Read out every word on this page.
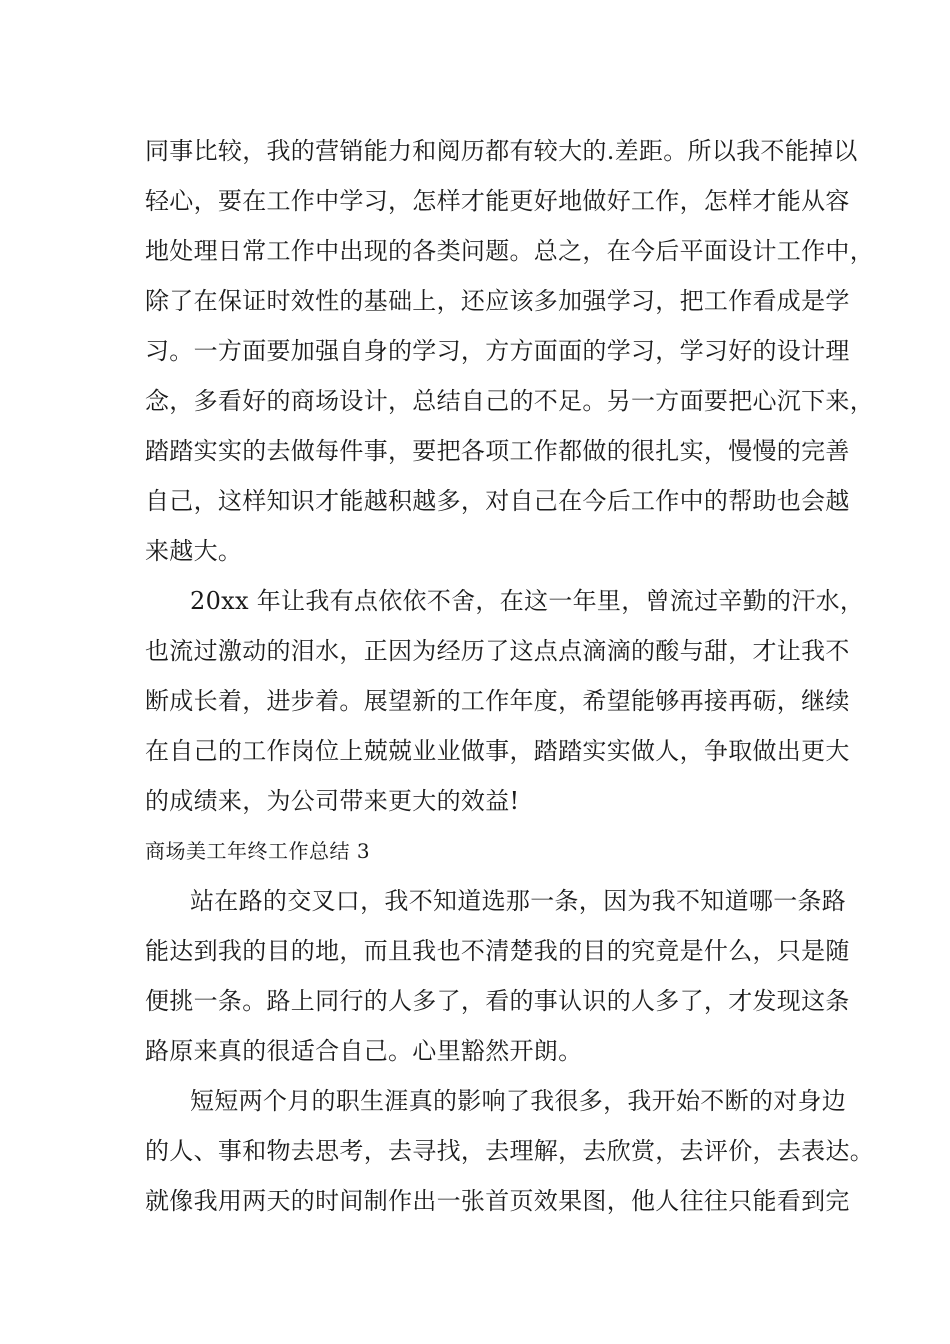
同事比较，我的营销能力和阅历都有较大的.差距。所以我不能掉以
轻心，要在工作中学习，怎样才能更好地做好工作，怎样才能从容
地处理日常工作中出现的各类问题。总之，在今后平面设计工作中，
除了在保证时效性的基础上，还应该多加强学习，把工作看成是学
习。一方面要加强自身的学习，方方面面的学习，学习好的设计理
念，多看好的商场设计，总结自己的不足。另一方面要把心沉下来，
踏踏实实的去做每件事，要把各项工作都做的很扎实，慢慢的完善
自己，这样知识才能越积越多，对自己在今后工作中的帮助也会越
来越大。
20xx 年让我有点依依不舍，在这一年里，曾流过辛勤的汗水，
也流过激动的泪水，正因为经历了这点点滴滴的酸与甜，才让我不
断成长着，进步着。展望新的工作年度，希望能够再接再砺，继续
在自己的工作岗位上兢兢业业做事，踏踏实实做人，争取做出更大
的成绩来，为公司带来更大的效益!
商场美工年终工作总结 3
站在路的交叉口，我不知道选那一条，因为我不知道哪一条路
能达到我的目的地，而且我也不清楚我的目的究竟是什么，只是随
便挑一条。路上同行的人多了，看的事认识的人多了，才发现这条
路原来真的很适合自己。心里豁然开朗。
短短两个月的职生涯真的影响了我很多，我开始不断的对身边
的人、事和物去思考，去寻找，去理解，去欣赏，去评价，去表达。
就像我用两天的时间制作出一张首页效果图，他人往往只能看到完
